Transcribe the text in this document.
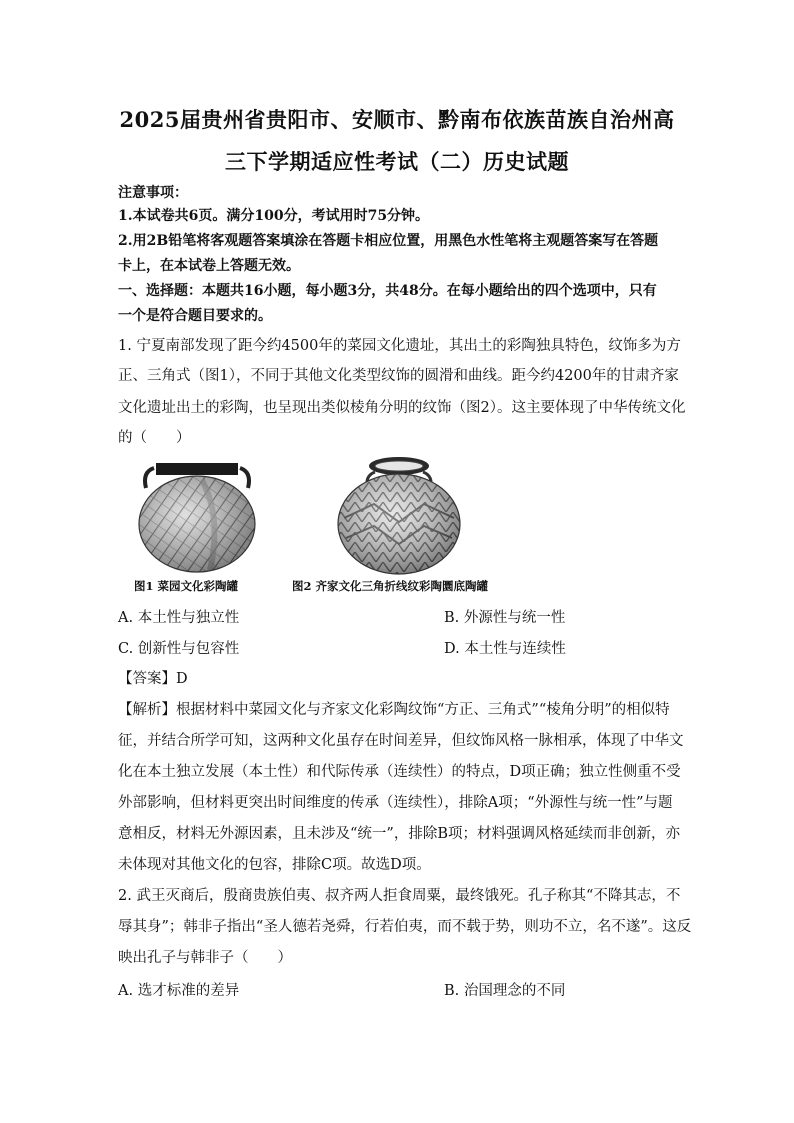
2025届贵州省贵阳市、安顺市、黔南布依族苗族自治州高
三下学期适应性考试（二）历史试题
注意事项：
1.本试卷共6页。满分100分，考试用时75分钟。
2.用2B铅笔将客观题答案填涂在答题卡相应位置，用黑色水性笔将主观题答案写在答题
卡上，在本试卷上答题无效。
一、选择题：本题共16小题，每小题3分，共48分。在每小题给出的四个选项中，只有
一个是符合题目要求的。
1. 宁夏南部发现了距今约4500年的菜园文化遗址，其出土的彩陶独具特色，纹饰多为方
正、三角式（图1），不同于其他文化类型纹饰的圆滑和曲线。距今约4200年的甘肃齐家
文化遗址出土的彩陶，也呈现出类似棱角分明的纹饰（图2）。这主要体现了中华传统文化
的（　　）
图1 菜园文化彩陶罐	图2 齐家文化三角折线纹彩陶圜底陶罐
A. 本土性与独立性	B. 外源性与统一性
C. 创新性与包容性	D. 本土性与连续性
【答案】D
【解析】根据材料中菜园文化与齐家文化彩陶纹饰“方正、三角式”“棱角分明”的相似特
征，并结合所学可知，这两种文化虽存在时间差异，但纹饰风格一脉相承，体现了中华文
化在本土独立发展（本土性）和代际传承（连续性）的特点，D项正确；独立性侧重不受
外部影响，但材料更突出时间维度的传承（连续性），排除A项；“外源性与统一性”与题
意相反，材料无外源因素，且未涉及“统一”，排除B项；材料强调风格延续而非创新，亦
未体现对其他文化的包容，排除C项。故选D项。
2. 武王灭商后，殷商贵族伯夷、叔齐两人拒食周粟，最终饿死。孔子称其“不降其志，不
辱其身”；韩非子指出“圣人德若尧舜，行若伯夷，而不载于势，则功不立，名不遂”。这反
映出孔子与韩非子（　　）
A. 选才标准的差异	B. 治国理念的不同
